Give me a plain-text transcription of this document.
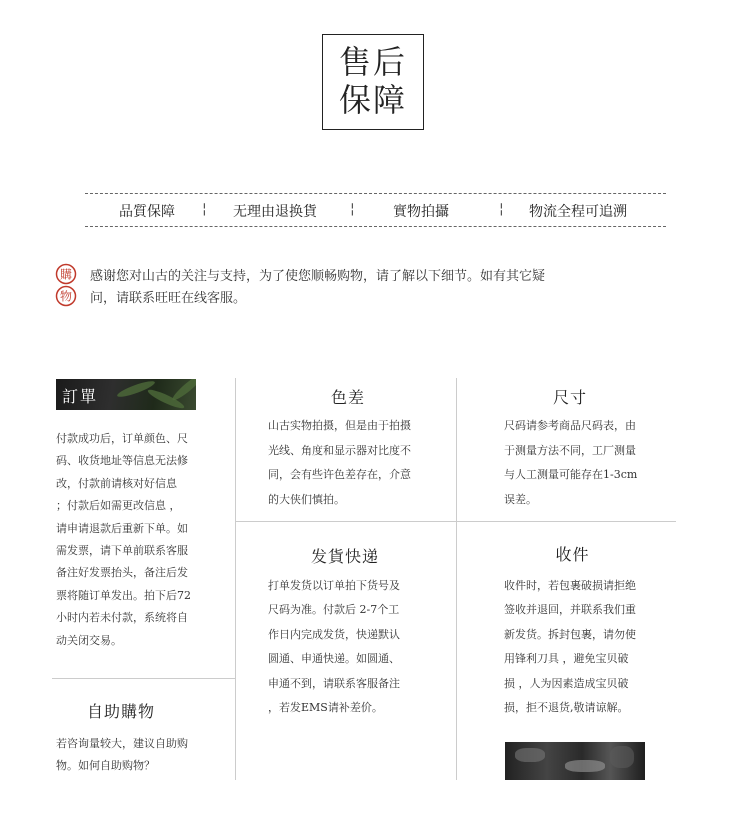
售后
保障
品質保障 ¦ 无理由退换貨 ¦	實物拍攝	¦ 物流全程可追溯
購
物
感谢您对山古的关注与支持，为了使您顺畅购物，请了解以下细节。如有其它疑
问，请联系旺旺在线客服。
訂單
付款成功后，订单颜色、尺
码、收货地址等信息无法修
改，付款前请核对好信息
；付款后如需更改信息 ，
请申请退款后重新下单。如
需发票，请下单前联系客服
备注好发票抬头，备注后发
票将随订单发出。拍下后72
小时内若未付款，系统将自
动关闭交易。
自助購物
若咨询量较大，建议自助购
物。如何自助购物？
色差
山古实物拍摄，但是由于拍摄
光线、角度和显示器对比度不
同，会有些许色差存在，介意
的大侠们慎拍。
尺寸
尺码请参考商品尺码表，由
于测量方法不同，工厂测量
与人工测量可能存在1-3cm
误差。
发貨快递
打单发货以订单拍下货号及
尺码为准。付款后 2-7个工
作日内完成发货，快递默认
圆通、申通快递。如圆通、
申通不到，请联系客服备注
，若发EMS请补差价。
收件
收件时，若包裹破损请拒绝
签收并退回，并联系我们重
新发货。拆封包裹，请勿使
用锋利刀具 ，避免宝贝破
损 ，人为因素造成宝贝破
损，拒不退货,敬请谅解。
